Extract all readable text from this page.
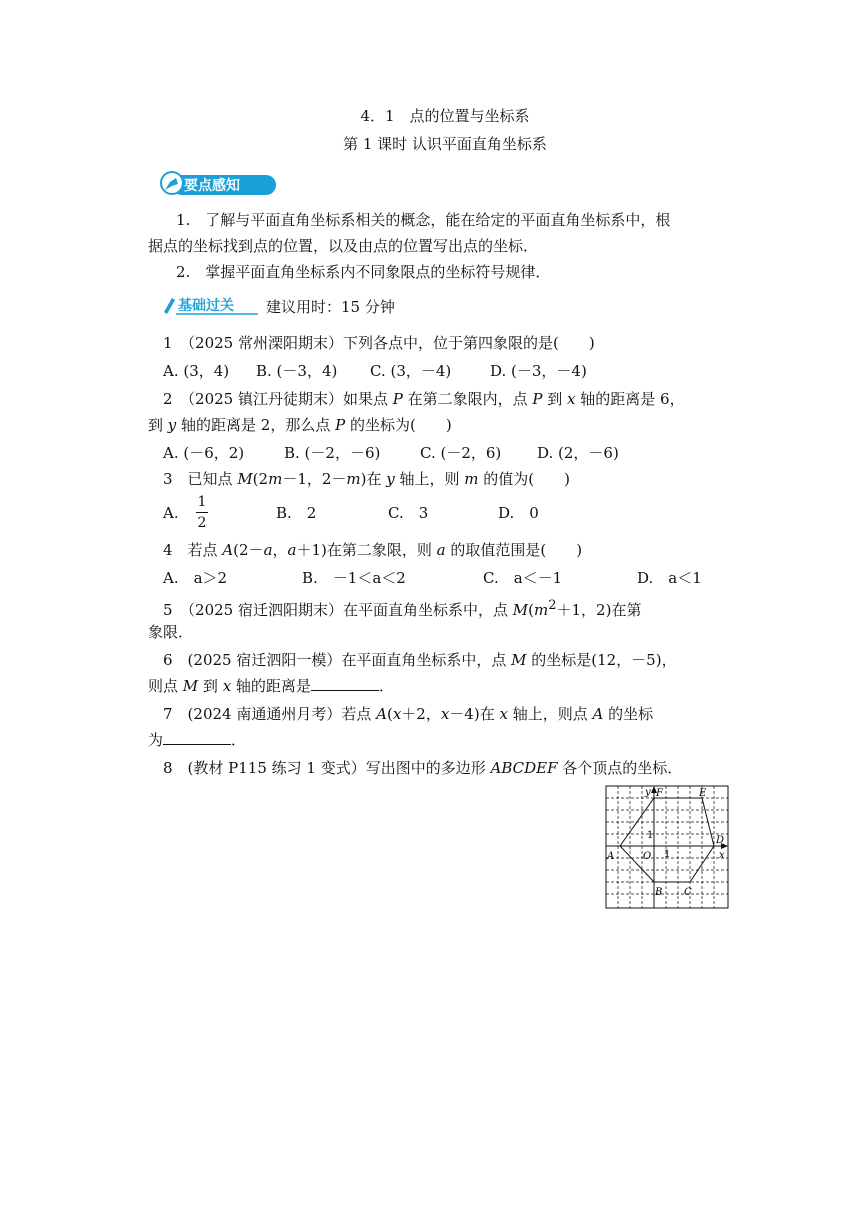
4．1　点的位置与坐标系
第 1 课时 认识平面直角坐标系
要点感知
1.　了解与平面直角坐标系相关的概念，能在给定的平面直角坐标系中，根
据点的坐标找到点的位置，以及由点的位置写出点的坐标．
2.　掌握平面直角坐标系内不同象限点的坐标符号规律．
基础过关 建议用时：15 分钟
1　（2025 常州溧阳期末）下列各点中，位于第四象限的是(　　)
A. (3，4) B. (－3，4) C. (3，－4)	D. (－3，－4)
2　（2025 镇江丹徒期末）如果点 P 在第二象限内，点 P 到 x 轴的距离是 6，
到 y 轴的距离是 2，那么点 P 的坐标为(　　)
A. (－6，2)	B. (－2，－6)	C. (－2，6) D. (2，－6)
3　已知点 M(2m－1，2－m)在 y 轴上，则 m 的值为(　　)
A.
1
2
B.　2	C.　3	D.　0
4　若点 A(2－a，a＋1)在第二象限，则 a 的取值范围是(　　)
A.　a＞2	B.　－1＜a＜2	C.　a＜－1	D.　a＜1
5　（2025 宿迁泗阳期末）在平面直角坐标系中，点 $M(m^2+1$，2)在第
象限．
6　(2025 宿迁泗阳一模）在平面直角坐标系中，点 M 的坐标是(12，－5)，
则点 M 到 x 轴的距离是	．
7　(2024 南通通州月考）若点 A(x＋2，x－4)在 x 轴上，则点 A 的坐标
为	．
8　(教材 P115 练习 1 变式）写出图中的多边形 ABCDEF 各个顶点的坐标．
A
B C
D
E
F
O	x
y
1
1
